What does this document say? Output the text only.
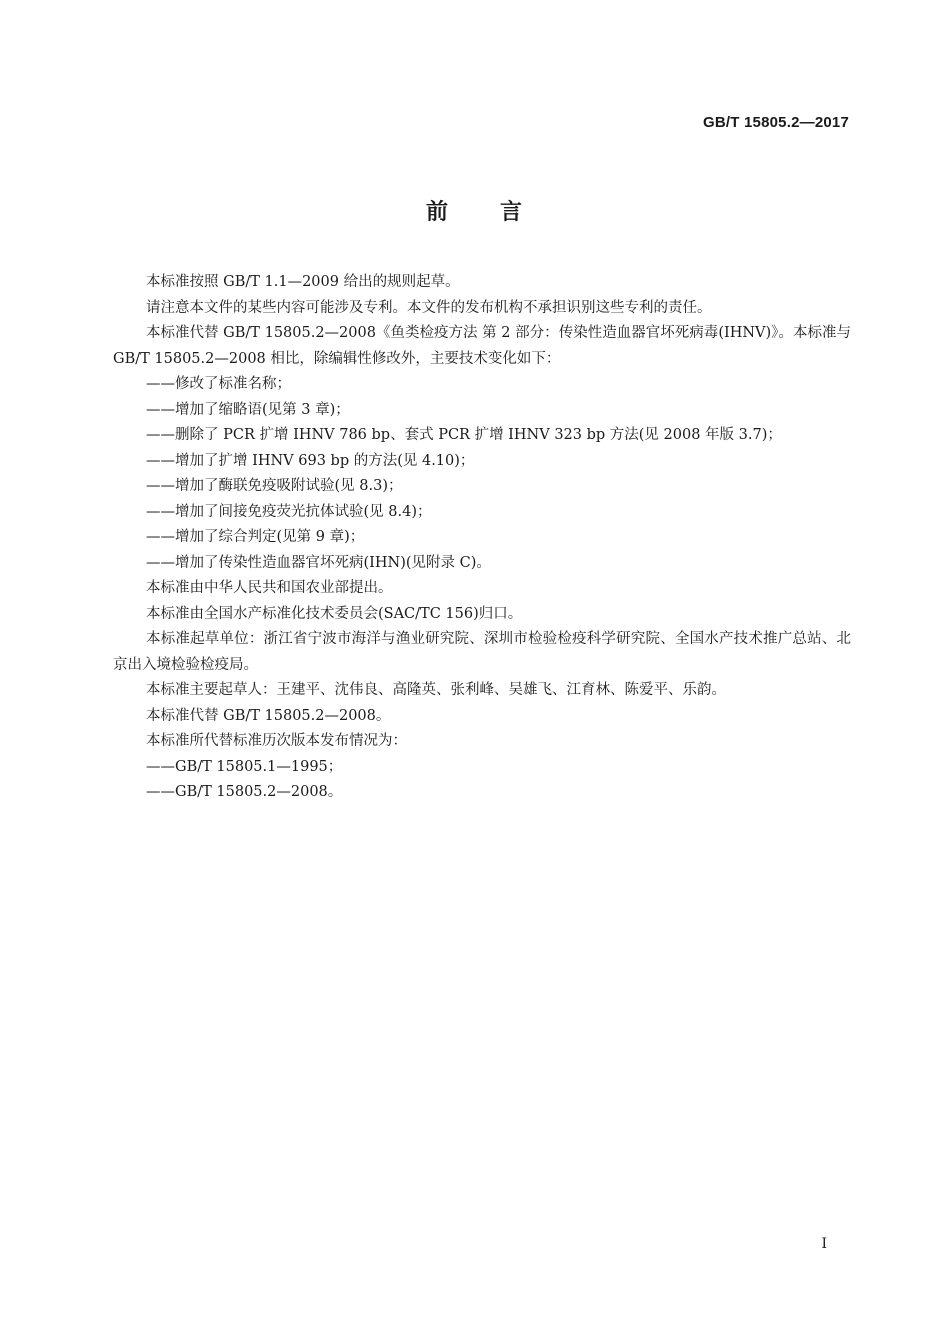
GB/T 15805.2—2017
前 言

本标准按照 GB/T 1.1—2009 给出的规则起草。

请注意本文件的某些内容可能涉及专利。本文件的发布机构不承担识别这些专利的责任。

本标准代替 GB/T 15805.2—2008《鱼类检疫方法 第 2 部分：传染性造血器官坏死病毒(IHNV)》。本标准与 GB/T 15805.2—2008 相比，除编辑性修改外，主要技术变化如下：

——修改了标准名称；

——增加了缩略语(见第 3 章)；

——删除了 PCR 扩增 IHNV 786 bp、套式 PCR 扩增 IHNV 323 bp 方法(见 2008 年版 3.7)；

——增加了扩增 IHNV 693 bp 的方法(见 4.10)；

——增加了酶联免疫吸附试验(见 8.3)；

——增加了间接免疫荧光抗体试验(见 8.4)；

——增加了综合判定(见第 9 章)；

——增加了传染性造血器官坏死病(IHN)(见附录 C)。

本标准由中华人民共和国农业部提出。

本标准由全国水产标准化技术委员会(SAC/TC 156)归口。

本标准起草单位：浙江省宁波市海洋与渔业研究院、深圳市检验检疫科学研究院、全国水产技术推广总站、北京出入境检验检疫局。

本标准主要起草人：王建平、沈伟良、高隆英、张利峰、吴雄飞、江育林、陈爱平、乐韵。

本标准代替 GB/T 15805.2—2008。

本标准所代替标准历次版本发布情况为：

——GB/T 15805.1—1995；

——GB/T 15805.2—2008。

I
